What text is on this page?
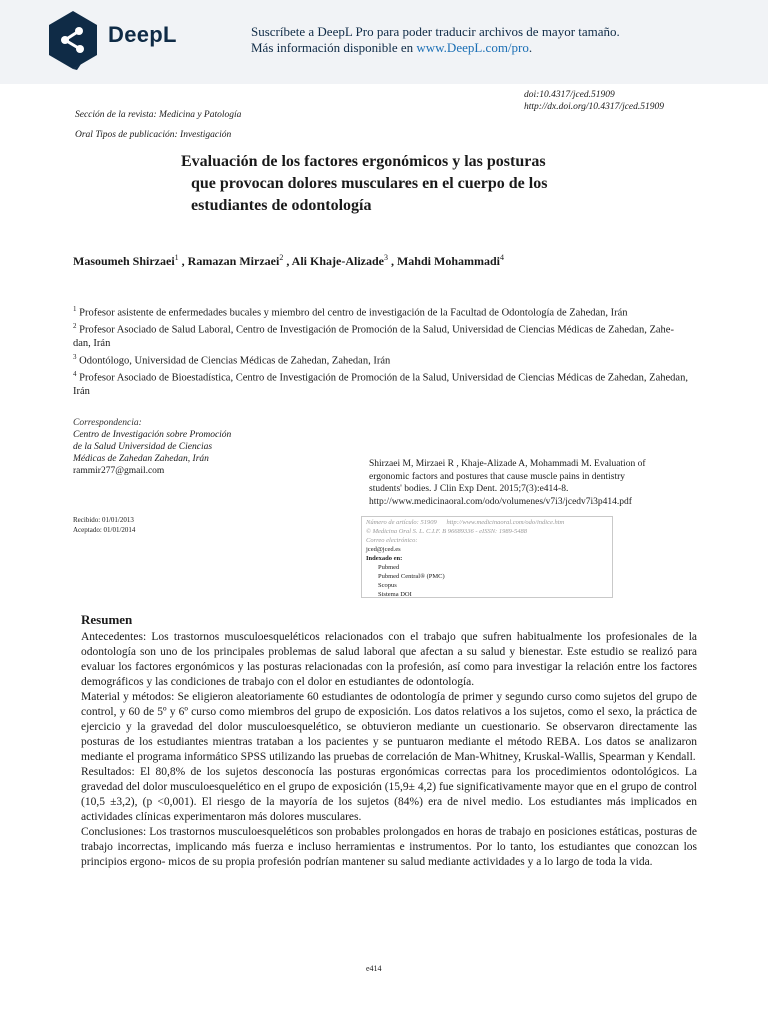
DeepL	Suscríbete a DeepL Pro para poder traducir archivos de mayor tamaño.
Más información disponible en www.DeepL.com/pro.
doi:10.4317/jced.51909
http://dx.doi.org/10.4317/jced.51909
Sección de la revista: Medicina y Patología
Oral Tipos de publicación: Investigación
Evaluación de los factores ergonómicos y las posturas
que provocan dolores musculares en el cuerpo de los
estudiantes de odontología
Masoumeh Shirzaei$^1$ , Ramazan Mirzaei$^2$ , Ali Khaje-Alizade$^3$ , Mahdi Mohammadi$^4$
$^1$ Profesor asistente de enfermedades bucales y miembro del centro de investigación de la Facultad de Odontología de Zahedan, Irán
$^2$ Profesor Asociado de Salud Laboral, Centro de Investigación de Promoción de la Salud, Universidad de Ciencias Médicas de Zahedan, Zahe- dan, Irán
$^3$ Odontólogo, Universidad de Ciencias Médicas de Zahedan, Zahedan, Irán
$^4$ Profesor Asociado de Bioestadística, Centro de Investigación de Promoción de la Salud, Universidad de Ciencias Médicas de Zahedan, Zahedan, Irán
Correspondencia:
Centro de Investigación sobre Promoción
de la Salud Universidad de Ciencias
Médicas de Zahedan Zahedan, Irán
rammir277@gmail.com
Shirzaei M, Mirzaei R , Khaje-Alizade A, Mohammadi M. Evaluation of
ergonomic factors and postures that cause muscle pains in dentistry
students' bodies. J Clin Exp Dent. 2015;7(3):e414-8.
http://www.medicinaoral.com/odo/volumenes/v7i3/jcedv7i3p414.pdf
Recibido: 01/01/2013
Aceptado: 01/01/2014
Número de artículo: 51909 http://www.medicinaoral.com/odo/indice.htm
© Medicina Oral S. L. C.I.F. B 96689336 - eISSN: 1989-5488
Correo electrónico:
jced@jced.es
Indexado en:
Pubmed
Pubmed Central® (PMC)
Scopus
Sistema DOI
Resumen

Antecedentes: Los trastornos musculoesqueléticos relacionados con el trabajo que sufren habitualmente los profesionales de la odontología son uno de los principales problemas de salud laboral que afectan a su salud y bienestar. Este estudio se realizó para evaluar los factores ergonómicos y las posturas relacionadas con la profesión, así como para investigar la relación entre los factores demográficos y las condiciones de trabajo con el dolor en estudiantes de odontología.

Material y métodos: Se eligieron aleatoriamente 60 estudiantes de odontología de primer y segundo curso como sujetos del grupo de control, y 60 de 5º y 6º curso como miembros del grupo de exposición. Los datos relativos a los sujetos, como el sexo, la práctica de ejercicio y la gravedad del dolor musculoesquelético, se obtuvieron mediante un cuestionario. Se observaron directamente las posturas de los estudiantes mientras trataban a los pacientes y se puntuaron mediante el método REBA. Los datos se analizaron mediante el programa informático SPSS utilizando las pruebas de correlación de Man-Whitney, Kruskal-Wallis, Spearman y Kendall.

Resultados: El 80,8% de los sujetos desconocía las posturas ergonómicas correctas para los procedimientos odontológicos. La gravedad del dolor musculoesquelético en el grupo de exposición (15,9± 4,2) fue significativamente mayor que en el grupo de control (10,5 ±3,2), (p <0,001). El riesgo de la mayoría de los sujetos (84%) era de nivel medio. Los estudiantes más implicados en actividades clínicas experimentaron más dolores musculares.

Conclusiones: Los trastornos musculoesqueléticos son probables prolongados en horas de trabajo en posiciones estáticas, posturas de trabajo incorrectas, implicando más fuerza e incluso herramientas e instrumentos. Por lo tanto, los estudiantes que conozcan los principios ergono- micos de su propia profesión podrían mantener su salud mediante actividades y a lo largo de toda la vida.

e414
